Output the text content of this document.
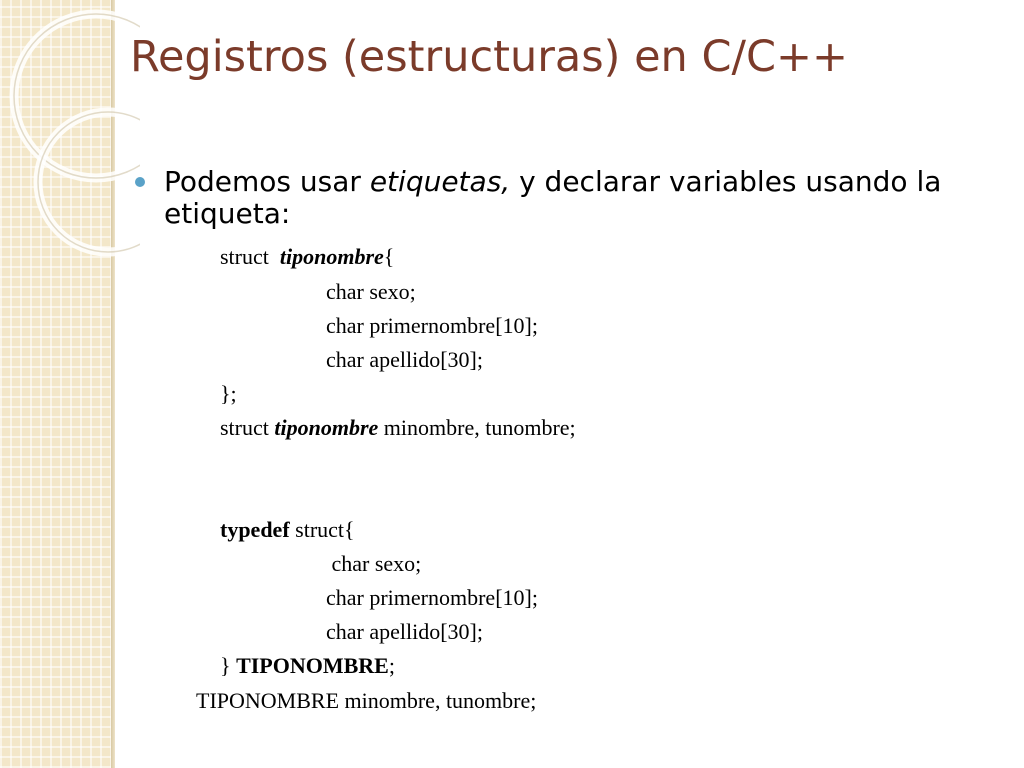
Registros (estructuras) en C/C++
Podemos usar etiquetas, y declarar variables usando la
etiqueta:
struct  tiponombre{
char sexo;
char primernombre[10];
char apellido[30];
};
struct tiponombre minombre, tunombre;
typedef struct{
char sexo;
char primernombre[10];
char apellido[30];
} TIPONOMBRE;
TIPONOMBRE minombre, tunombre;
